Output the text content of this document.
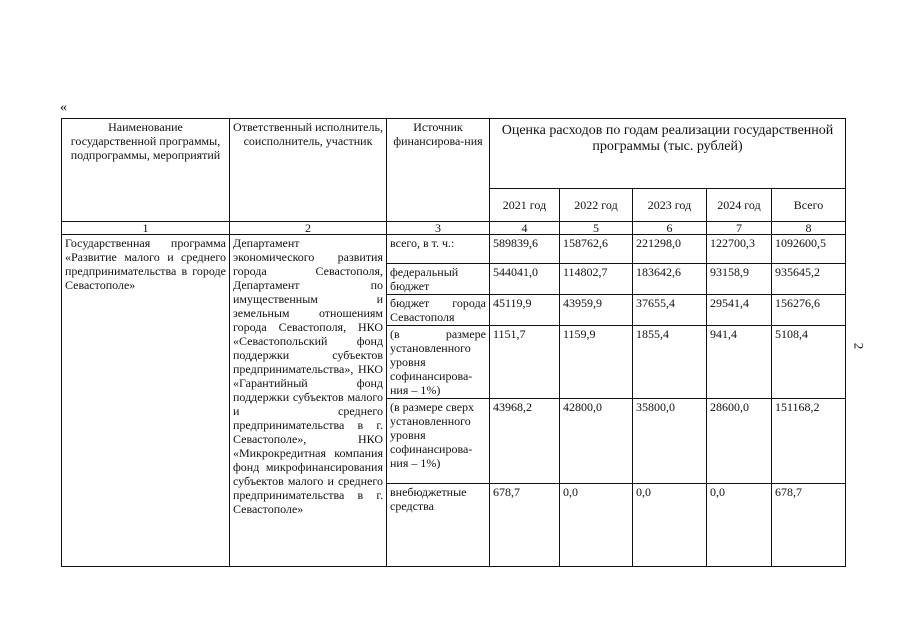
«
2
Наименование государственной программы, подпрограммы, мероприятий	Ответственный исполнитель, соисполнитель, участник	Источник финансирова-ния	Оценка расходов по годам реализации государственной программы (тыс. рублей)				
			2021 год	2022 год	2023 год	2024 год	Всего
1	2	3	4	5	6	7	8
Государственная программа «Развитие малого и среднего предпринимательства в городе Севастополе»	Департамент экономического развития города Севастополя, Департамент по имущественным и земельным отношениям города Севастополя, НКО «Севастопольский фонд поддержки субъектов предпринимательства», НКО «Гарантийный фонд поддержки субъектов малого и среднего предпринимательства в г. Севастополе», НКО «Микрокредитная компания фонд микрофинансирования субъектов малого и среднего предпринимательства в г. Севастополе»	всего, в т. ч.:	589839,6	158762,6	221298,0	122700,3	1092600,5
		федеральный бюджет	544041,0	114802,7	183642,6	93158,9	935645,2
		бюджет города Севастополя	45119,9	43959,9	37655,4	29541,4	156276,6
		(в размере установленного уровня софинансирова-ния – 1%)	1151,7	1159,9	1855,4	941,4	5108,4
		(в размере сверх установленного уровня софинансирова-ния – 1%)	43968,2	42800,0	35800,0	28600,0	151168,2
		внебюджетные средства	678,7	0,0	0,0	0,0	678,7
